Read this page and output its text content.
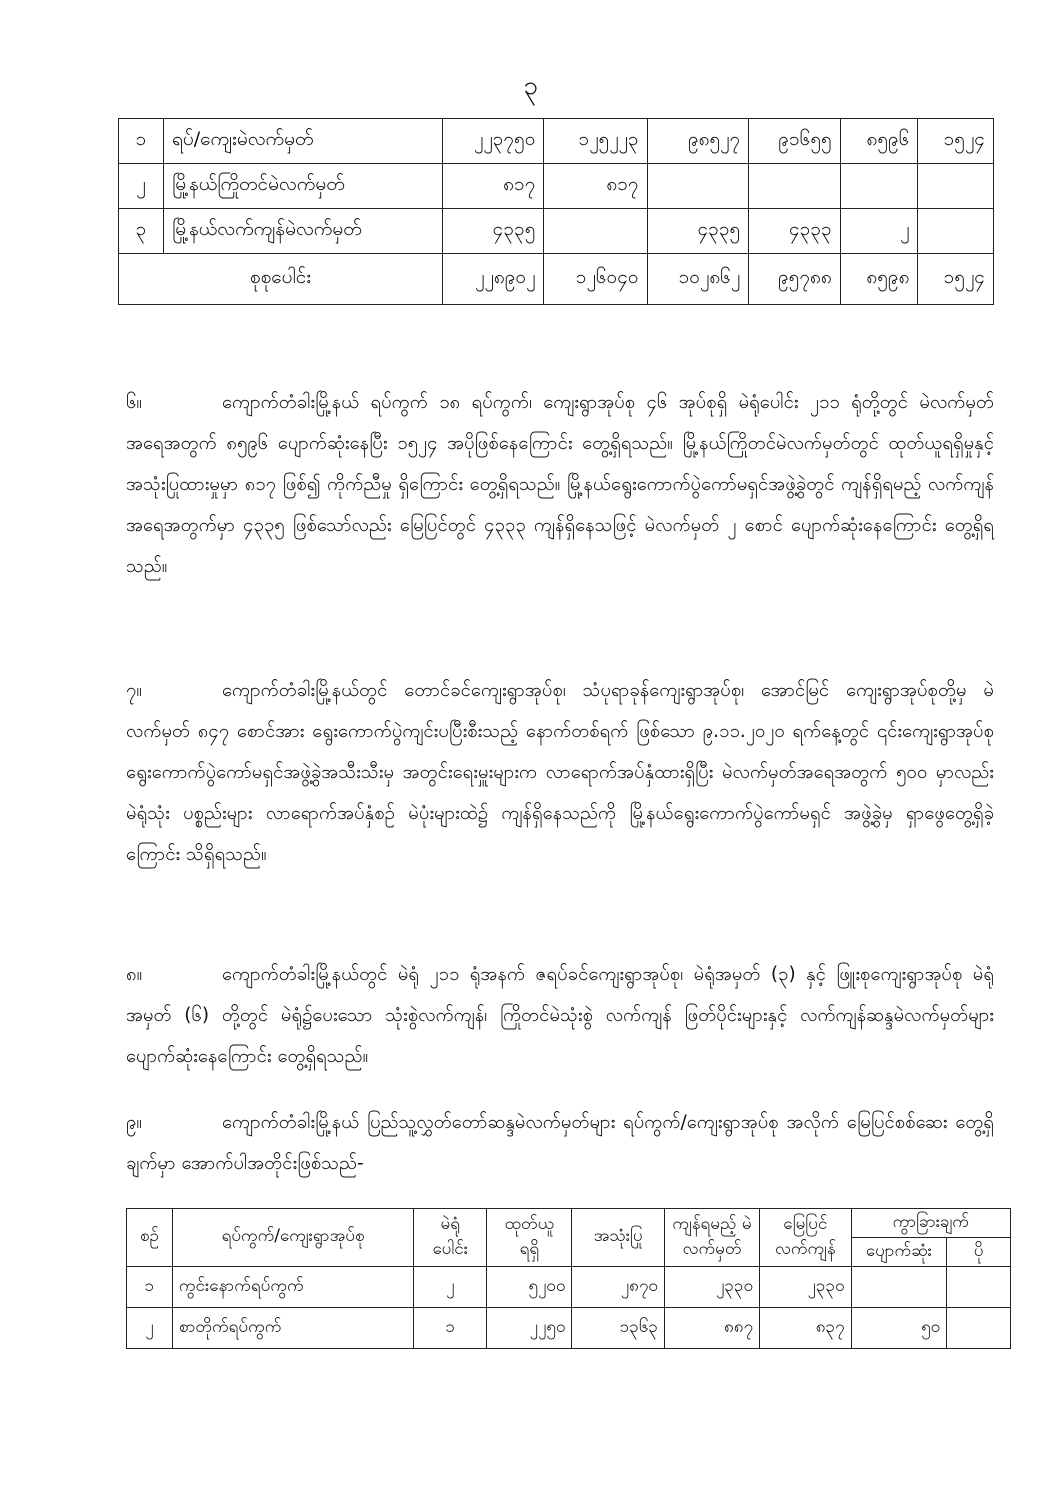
၃
၁	ရပ်/ကျေးမဲလက်မှတ်	၂၂၃၇၅၀	၁၂၅၂၂၃	၉၈၅၂၇	၉၁၆၅၅	၈၅၉၆	၁၅၂၄
၂	မြို့နယ်ကြိုတင်မဲလက်မှတ်	၈၁၇	၈၁၇				
၃	မြို့နယ်လက်ကျန်မဲလက်မှတ်	၄၃၃၅		၄၃၃၅	၄၃၃၃	၂	
စုစုပေါင်း		၂၂၈၉၀၂	၁၂၆၀၄၀	၁၀၂၈၆၂	၉၅၇၈၈	၈၅၉၈	၁၅၂၄
၆။	ကျောက်တံခါးမြို့နယ် ရပ်ကွက် ၁၈ ရပ်ကွက်၊ ကျေးရွာအုပ်စု ၄၆ အုပ်စုရှိ မဲရုံပေါင်း ၂၁၁ ရုံတို့တွင် မဲလက်မှတ်အရေအတွက် ၈၅၉၆ ပျောက်ဆုံးနေပြီး ၁၅၂၄ အပိုဖြစ်နေကြောင်း တွေ့ရှိရသည်။ မြို့နယ်ကြိုတင်မဲလက်မှတ်တွင် ထုတ်ယူရရှိမှုနှင့် အသုံးပြုထားမှုမှာ ၈၁၇ ဖြစ်၍ ကိုက်ညီမှု ရှိကြောင်း တွေ့ရှိရသည်။ မြို့နယ်ရွေးကောက်ပွဲကော်မရှင်အဖွဲ့ခွဲတွင် ကျန်ရှိရမည့် လက်ကျန် အရေအတွက်မှာ ၄၃၃၅ ဖြစ်သော်လည်း မြေပြင်တွင် ၄၃၃၃ ကျန်ရှိနေသဖြင့် မဲလက်မှတ် ၂ စောင် ပျောက်ဆုံးနေကြောင်း တွေ့ရှိရသည်။
၇။	ကျောက်တံခါးမြို့နယ်တွင် တောင်ခင်ကျေးရွာအုပ်စု၊ သံပုရာခုန်ကျေးရွာအုပ်စု၊ အောင်မြင် ကျေးရွာအုပ်စုတို့မှ မဲလက်မှတ် ၈၄၇ စောင်အား ရွေးကောက်ပွဲကျင်းပပြီးစီးသည့် နောက်တစ်ရက် ဖြစ်သော ၉.၁၁.၂၀၂၀ ရက်နေ့တွင် ၎င်းကျေးရွာအုပ်စုရွေးကောက်ပွဲကော်မရှင်အဖွဲ့ခွဲအသီးသီးမှ အတွင်းရေးမှူးများက လာရောက်အပ်နှံထားရှိပြီး မဲလက်မှတ်အရေအတွက် ၅၀၀ မှာလည်း မဲရုံသုံး ပစ္စည်းများ လာရောက်အပ်နှံစဉ် မဲပုံးများထဲ၌ ကျန်ရှိနေသည်ကို မြို့နယ်ရွေးကောက်ပွဲကော်မရှင် အဖွဲ့ခွဲမှ ရှာဖွေတွေ့ရှိခဲ့ကြောင်း သိရှိရသည်။
၈။	ကျောက်တံခါးမြို့နယ်တွင် မဲရုံ ၂၁၁ ရုံအနက် ဇရပ်ခင်ကျေးရွာအုပ်စု၊ မဲရုံအမှတ် (၃) နှင့် ဖြူးစုကျေးရွာအုပ်စု မဲရုံအမှတ် (၆) တို့တွင် မဲရုံ၌ပေးသော သုံးစွဲလက်ကျန်၊ ကြိုတင်မဲသုံးစွဲ လက်ကျန် ဖြတ်ပိုင်းများနှင့် လက်ကျန်ဆန္ဒမဲလက်မှတ်များ ပျောက်ဆုံးနေကြောင်း တွေ့ရှိရသည်။
၉။	ကျောက်တံခါးမြို့နယ် ပြည်သူ့လွှတ်တော်ဆန္ဒမဲလက်မှတ်များ ရပ်ကွက်/ကျေးရွာအုပ်စု အလိုက် မြေပြင်စစ်ဆေး တွေ့ရှိချက်မှာ အောက်ပါအတိုင်းဖြစ်သည်-
စဉ်	ရပ်ကွက်/ကျေးရွာအုပ်စု	မဲရုံ ပေါင်း	ထုတ်ယူ ရရှိ	အသုံးပြု	ကျန်ရမည့် မဲလက်မှတ်	မြေပြင် လက်ကျန်	ကွာခြားချက်	
							ပျောက်ဆုံး	ပို
၁	ကွင်းနောက်ရပ်ကွက်	၂	၅၂၀၀	၂၈၇၀	၂၃၃၀	၂၃၃၀		
၂	စာတိုက်ရပ်ကွက်	၁	၂၂၅၀	၁၃၆၃	၈၈၇	၈၃၇	၅၀	
